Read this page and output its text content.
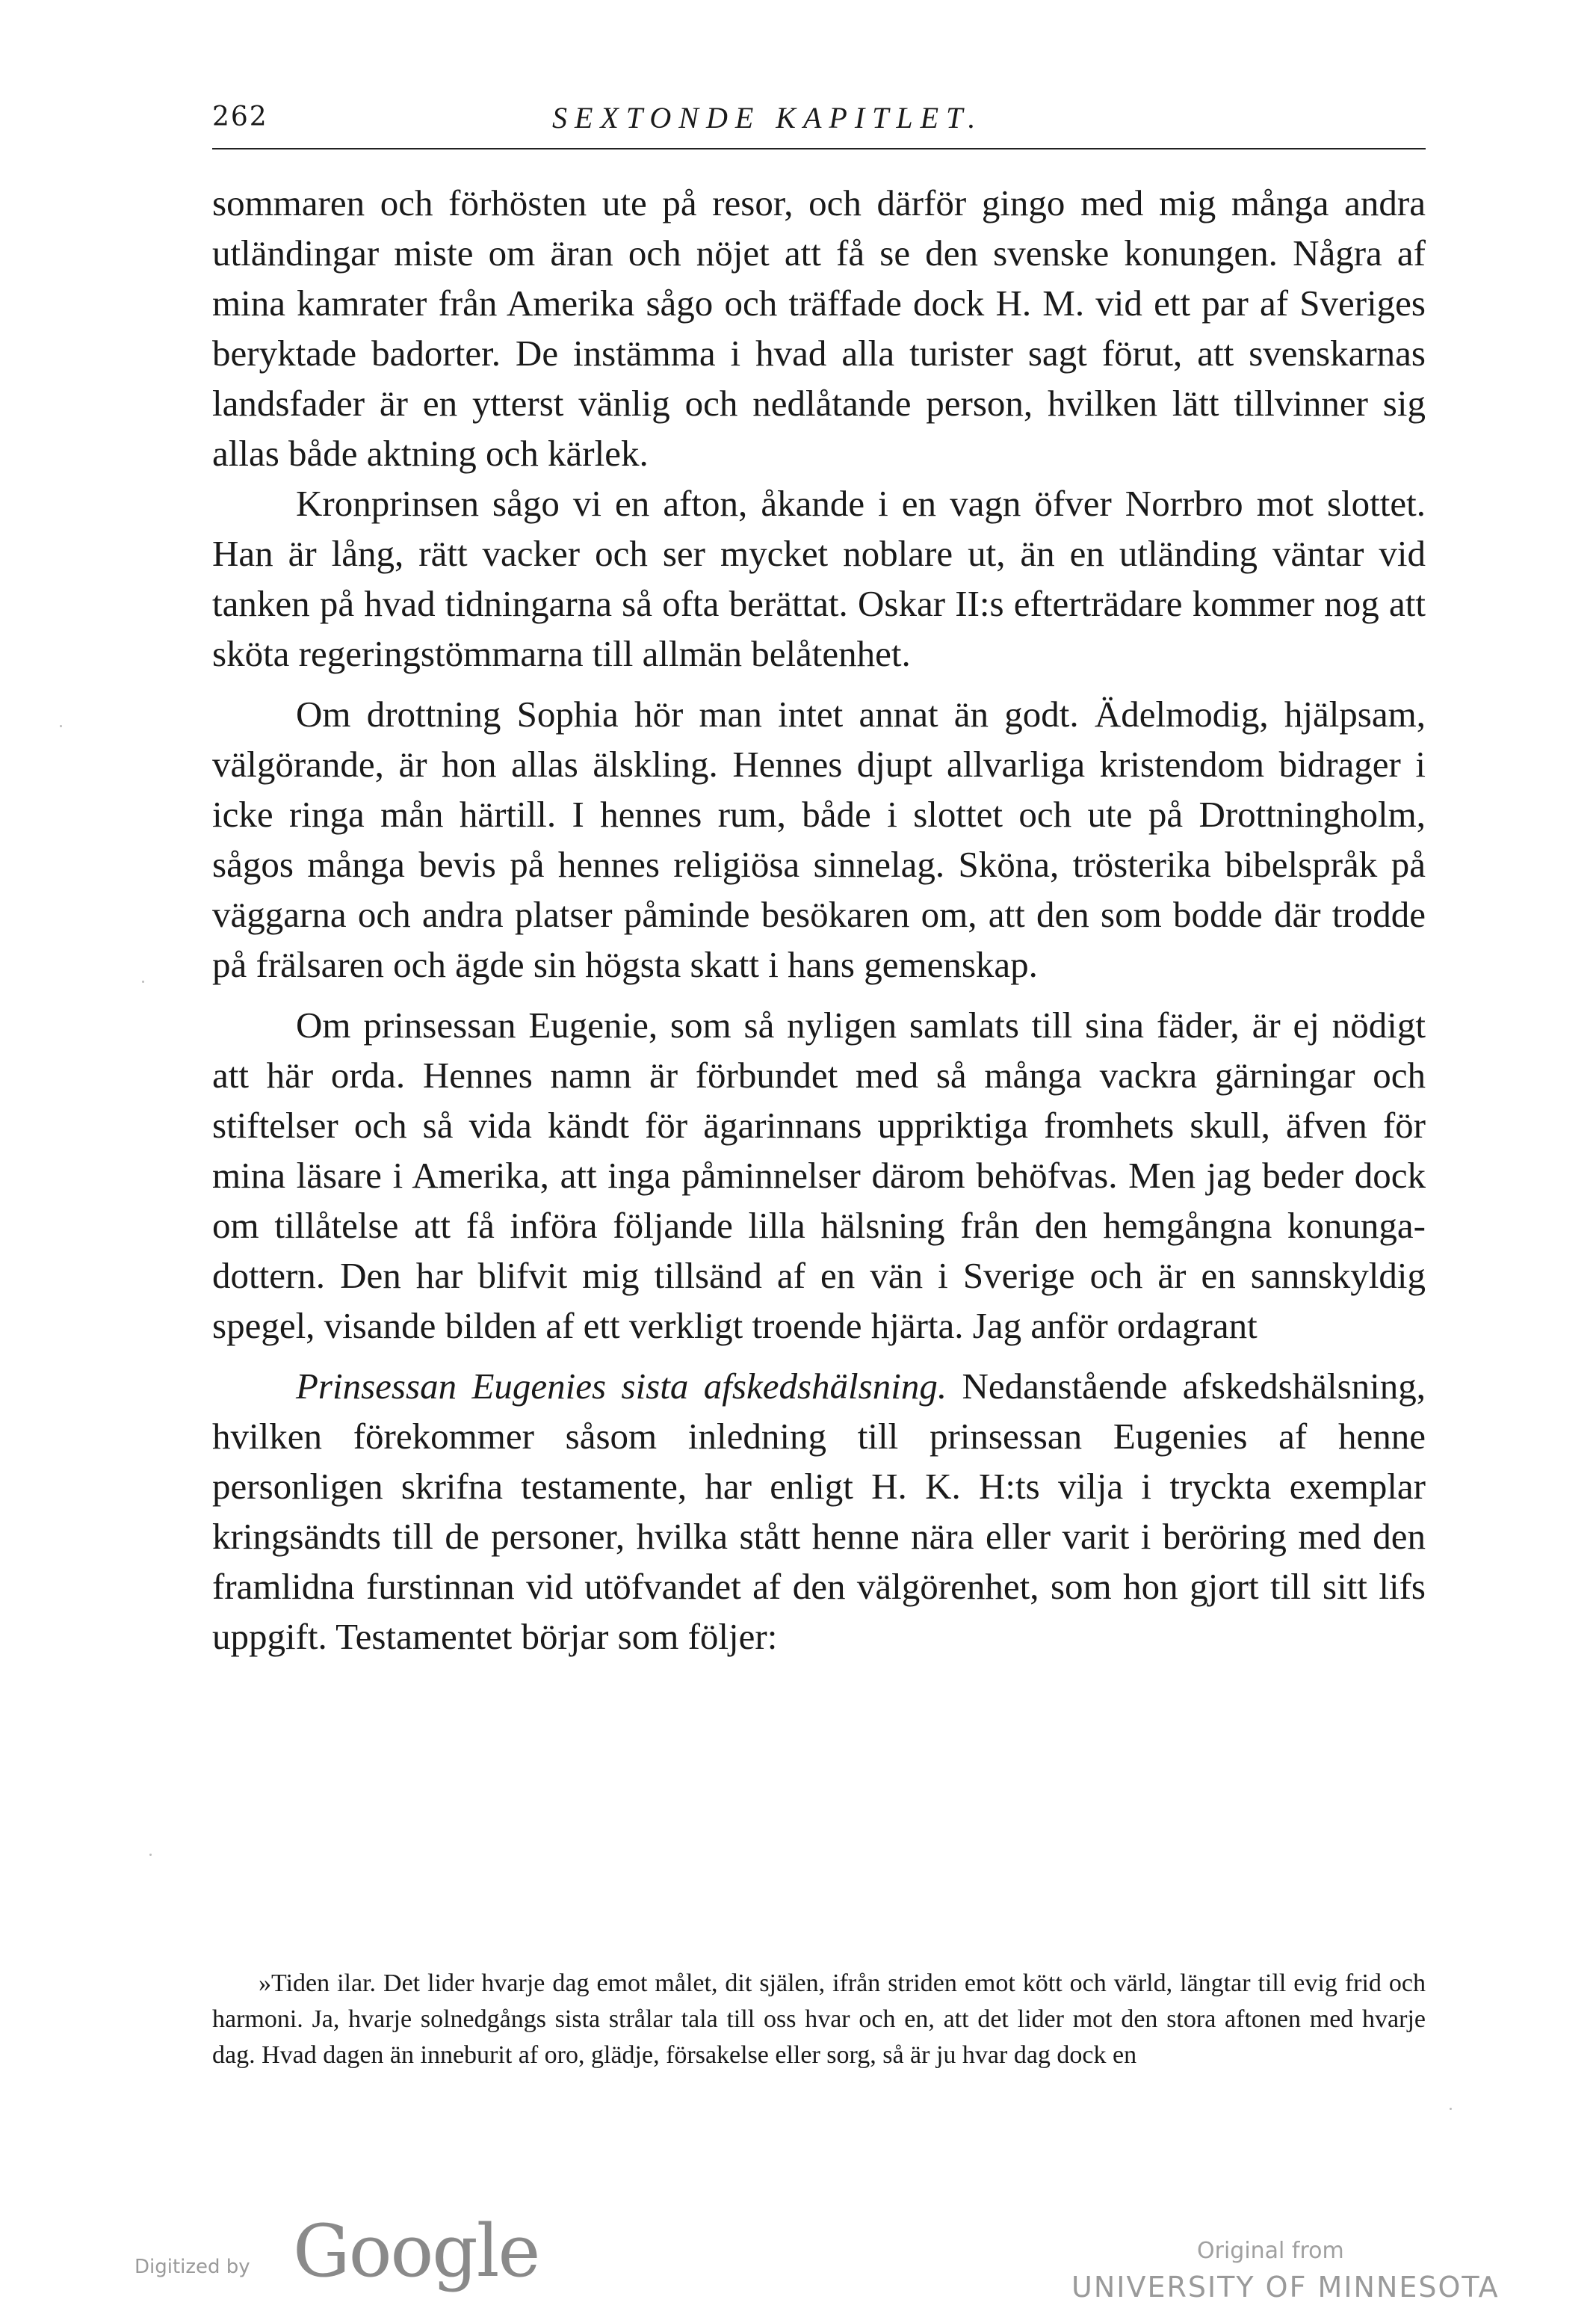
262	SEXTONDE KAPITLET.

sommaren och förhösten ute på resor, och därför gingo med mig många andra utländingar miste om äran och nöjet att få se den svenske konungen. Några af mina kamrater från Amerika sågo och träffade dock H. M. vid ett par af Sveriges beryktade badorter. De instämma i hvad alla turister sagt förut, att svenskarnas landsfader är en ytterst vänlig och nedlåtande person, hvilken lätt tillvinner sig allas både aktning och kärlek.

Kronprinsen sågo vi en afton, åkande i en vagn öfver Norrbro mot slottet. Han är lång, rätt vacker och ser mycket noblare ut, än en utländing väntar vid tanken på hvad tidningarna så ofta berättat. Oskar II:s efterträdare kommer nog att sköta regeringstömmarna till allmän belåtenhet.

Om drottning Sophia hör man intet annat än godt. Ädelmodig, hjälpsam, välgörande, är hon allas älskling. Hennes djupt allvarliga kristendom bidrager i icke ringa mån härtill. I hennes rum, både i slottet och ute på Drottningholm, sågos många bevis på hennes religiösa sinnelag. Sköna, trösterika bibelspråk på väggarna och andra platser påminde besökaren om, att den som bodde där trodde på frälsaren och ägde sin högsta skatt i hans gemenskap.

Om prinsessan Eugenie, som så nyligen samlats till sina fäder, är ej nödigt att här orda. Hennes namn är förbundet med så många vackra gärningar och stiftelser och så vida kändt för ägarinnans uppriktiga fromhets skull, äfven för mina läsare i Amerika, att inga påminnelser därom behöfvas. Men jag beder dock om tillåtelse att få införa följande lilla hälsning från den hemgångna konunga-dottern. Den har blifvit mig tillsänd af en vän i Sverige och är en sannskyldig spegel, visande bilden af ett verkligt troende hjärta. Jag anför ordagrant

Prinsessan Eugenies sista afskedshälsning. Nedanstående afskedshälsning, hvilken förekommer såsom inledning till prinsessan Eugenies af henne personligen skrifna testamente, har enligt H. K. H:ts vilja i tryckta exemplar kringsändts till de personer, hvilka stått henne nära eller varit i beröring med den framlidna furstinnan vid utöfvandet af den välgörenhet, som hon gjort till sitt lifs uppgift. Testamentet börjar som följer:

»Tiden ilar. Det lider hvarje dag emot målet, dit själen, ifrån striden emot kött och värld, längtar till evig frid och harmoni. Ja, hvarje solnedgångs sista strålar tala till oss hvar och en, att det lider mot den stora aftonen med hvarje dag. Hvad dagen än inneburit af oro, glädje, försakelse eller sorg, så är ju hvar dag dock en

Digitized by Google	Original from
UNIVERSITY OF MINNESOTA
